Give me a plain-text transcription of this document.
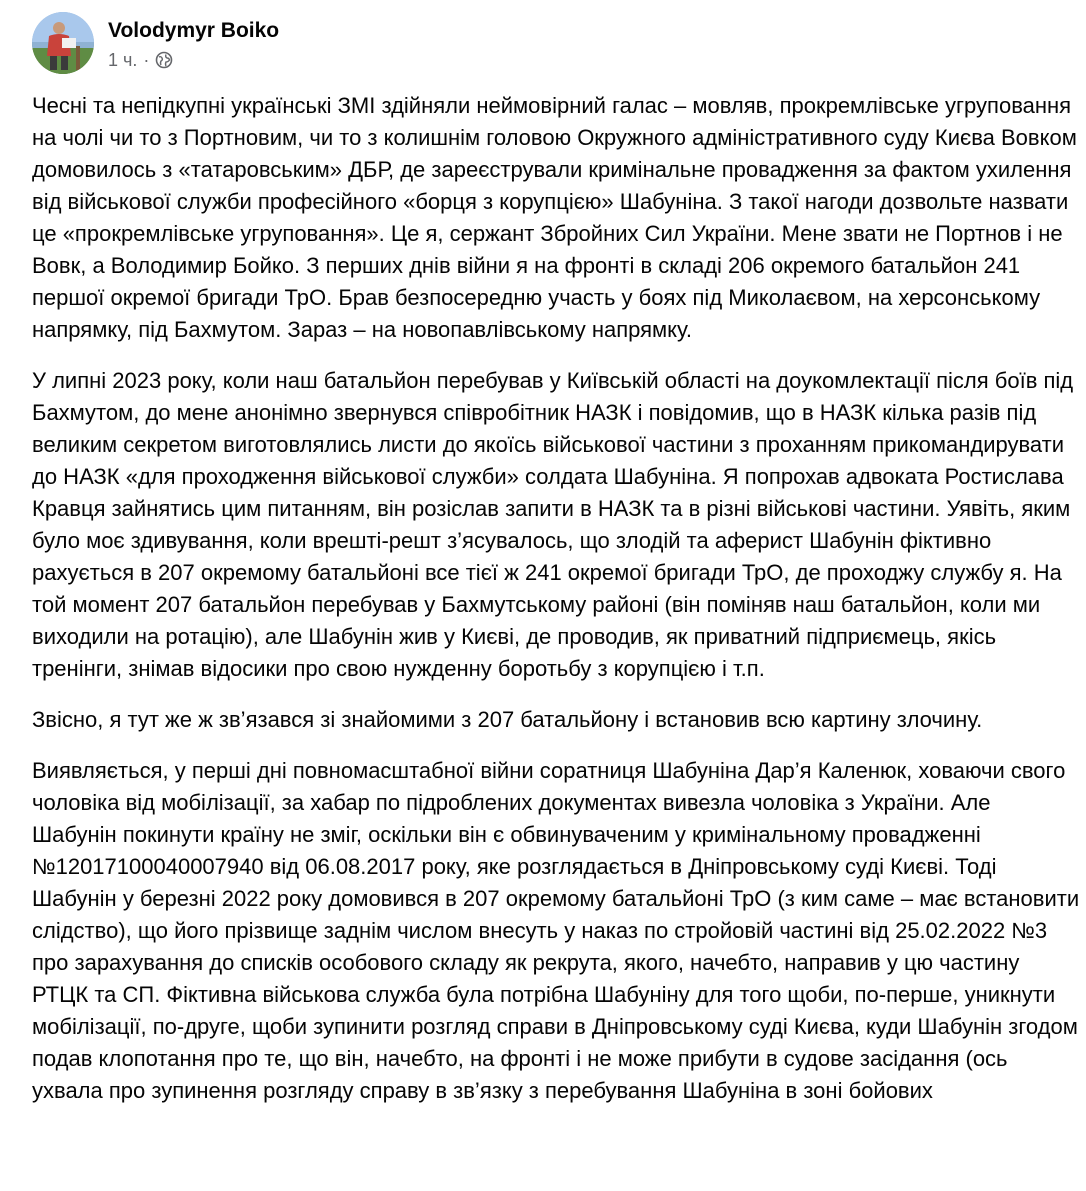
Volodymyr Boiko
1 ч. ·

Чесні та непідкупні українські ЗМІ здійняли неймовірний галас – мовляв, прокремлівське угруповання на чолі чи то з Портновим, чи то з колишнім головою Окружного адміністративного суду Києва Вовком домовилось з «татаровським» ДБР, де зареєстрували кримінальне провадження за фактом ухилення від військової служби професійного «борця з корупцією» Шабуніна. З такої нагоди дозвольте назвати це «прокремлівське угруповання». Це я, сержант Збройних Сил України. Мене звати не Портнов і не Вовк, а Володимир Бойко. З перших днів війни я на фронті в складі 206 окремого батальйон 241 першої окремої бригади ТрО. Брав безпосередню участь у боях під Миколаєвом, на херсонському напрямку, під Бахмутом. Зараз – на новопавлівському напрямку.

У липні 2023 року, коли наш батальйон перебував у Київській області на доукомлектації після боїв під Бахмутом, до мене анонімно звернувся співробітник НАЗК і повідомив, що в НАЗК кілька разів під великим секретом виготовлялись листи до якоїсь військової частини з проханням прикомандирувати до НАЗК «для проходження військової служби» солдата Шабуніна. Я попрохав адвоката Ростислава Кравця зайнятись цим питанням, він розіслав запити в НАЗК та в різні військові частини. Уявіть, яким було моє здивування, коли врешті-решт з’ясувалось, що злодій та аферист Шабунін фіктивно рахується в 207 окремому батальйоні все тієї ж 241 окремої бригади ТрО, де проходжу службу я. На той момент 207 батальйон перебував у Бахмутському районі (він поміняв наш батальйон, коли ми виходили на ротацію), але Шабунін жив у Києві, де проводив, як приватний підприємець, якісь тренінги, знімав відосики про свою нужденну боротьбу з корупцією і т.п.

Звісно, я тут же ж зв’язався зі знайомими з 207 батальйону і встановив всю картину злочину.

Виявляється, у перші дні повномасштабної війни соратниця Шабуніна Дар’я Каленюк, ховаючи свого чоловіка від мобілізації, за хабар по підроблених документах вивезла чоловіка з України. Але Шабунін покинути країну не зміг, оскільки він є обвинуваченим у кримінальному провадженні №12017100040007940 від 06.08.2017 року, яке розглядається в Дніпровському суді Києві. Тоді Шабунін у березні 2022 року домовився в 207 окремому батальйоні ТрО (з ким саме – має встановити слідство), що його прізвище заднім числом внесуть у наказ по стройовій частині від 25.02.2022 №3 про зарахування до списків особового складу як рекрута, якого, начебто, направив у цю частину РТЦК та СП. Фіктивна військова служба була потрібна Шабуніну для того щоби, по-перше, уникнути мобілізації, по-друге, щоби зупинити розгляд справи в Дніпровському суді Києва, куди Шабунін згодом подав клопотання про те, що він, начебто, на фронті і не може прибути в судове засідання (ось ухвала про зупинення розгляду справу в зв’язку з перебування Шабуніна в зоні бойових
